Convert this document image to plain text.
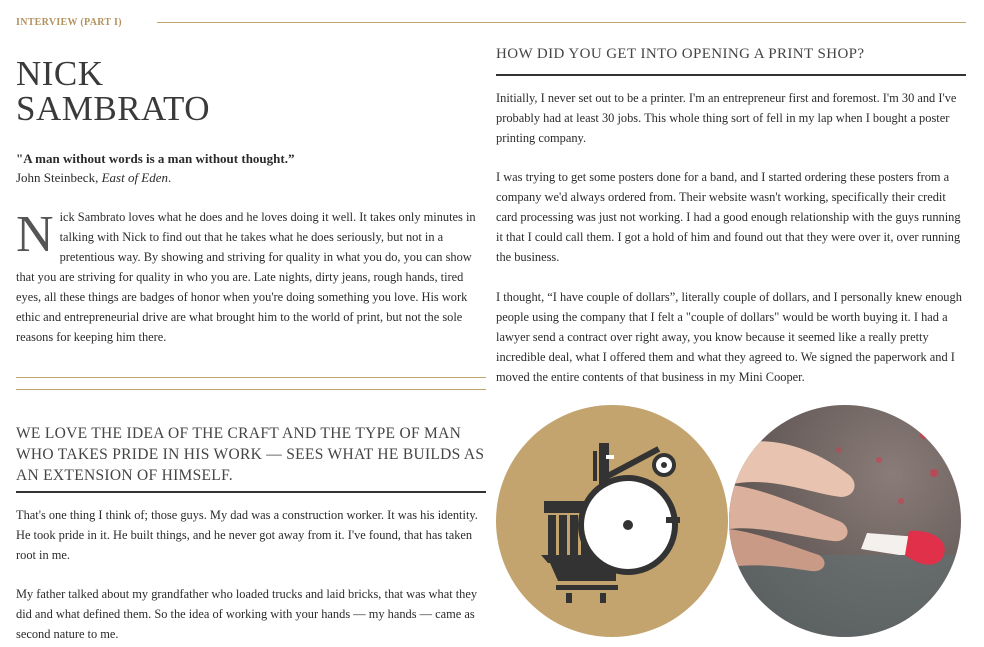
INTERVIEW (PART I)
NICK
SAMBRATO
"A man without words is a man without thought.”
John Steinbeck, East of Eden.
Nick Sambrato loves what he does and he loves doing it well. It takes only minutes in talking with Nick to find out that he takes what he does seriously, but not in a pretentious way. By showing and striving for quality in what you do, you can show that you are striving for quality in who you are. Late nights, dirty jeans, rough hands, tired eyes, all these things are badges of honor when you're doing something you love. His work ethic and entrepreneurial drive are what brought him to the world of print, but not the sole reasons for keeping him there.
WE LOVE THE IDEA OF THE CRAFT AND THE TYPE OF MAN WHO TAKES PRIDE IN HIS WORK — SEES WHAT HE BUILDS AS AN EXTENSION OF HIMSELF.
That's one thing I think of; those guys. My dad was a construction worker. It was his identity. He took pride in it. He built things, and he never got away from it. I've found, that has taken root in me.
My father talked about my grandfather who loaded trucks and laid bricks, that was what they did and what defined them. So the idea of working with your hands — my hands — came as second nature to me.
HOW DID YOU GET INTO OPENING A PRINT SHOP?
Initially, I never set out to be a printer. I'm an entrepreneur first and foremost. I'm 30 and I've probably had at least 30 jobs. This whole thing sort of fell in my lap when I bought a poster printing company.
I was trying to get some posters done for a band, and I started ordering these posters from a company we'd always ordered from. Their website wasn't working, specifically their credit card processing was just not working. I had a good enough relationship with the guys running it that I could call them. I got a hold of him and found out that they were over it, over running the business.
I thought, “I have couple of dollars”, literally couple of dollars, and I personally knew enough people using the company that I felt a "couple of dollars" would be worth buying it. I had a lawyer send a contract over right away, you know because it seemed like a really pretty incredible deal, what I offered them and what they agreed to. We signed the paperwork and I moved the entire contents of that business in my Mini Cooper.
